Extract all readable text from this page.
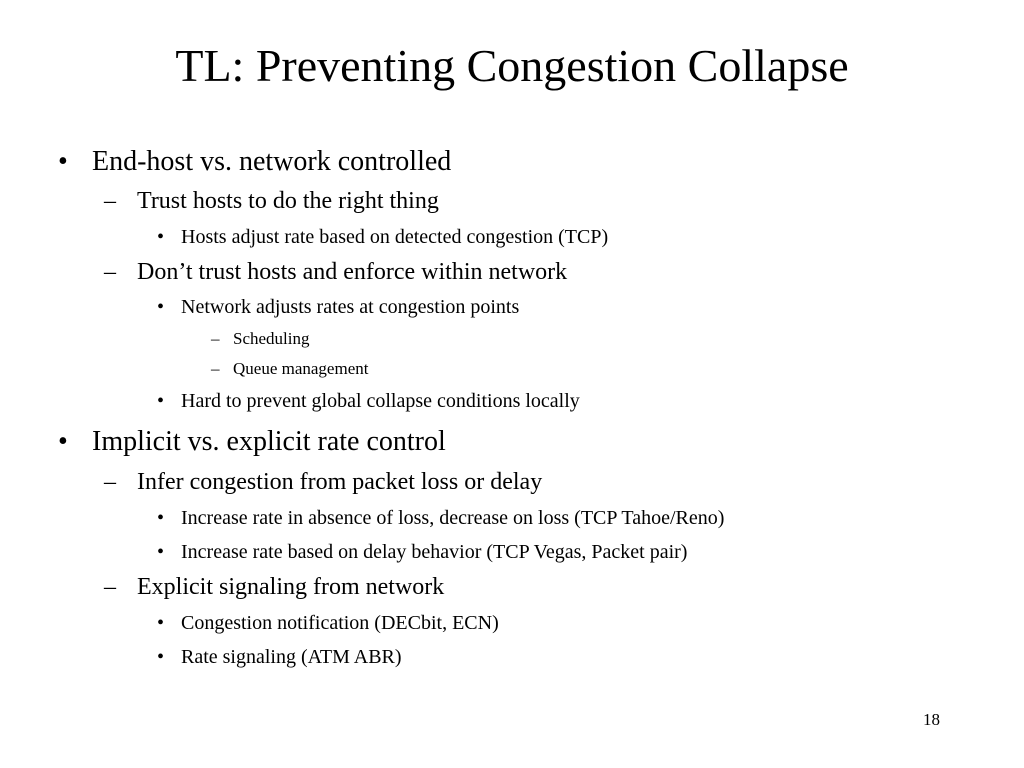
TL: Preventing Congestion Collapse
• End-host vs. network controlled
– Trust hosts to do the right thing
• Hosts adjust rate based on detected congestion (TCP)
– Don’t trust hosts and enforce within network
• Network adjusts rates at congestion points
– Scheduling
– Queue management
• Hard to prevent global collapse conditions locally
• Implicit vs. explicit rate control
– Infer congestion from packet loss or delay
• Increase rate in absence of loss, decrease on loss (TCP Tahoe/Reno)
• Increase rate based on delay behavior (TCP Vegas, Packet pair)
– Explicit signaling from network
• Congestion notification (DECbit, ECN)
• Rate signaling (ATM ABR)
18
